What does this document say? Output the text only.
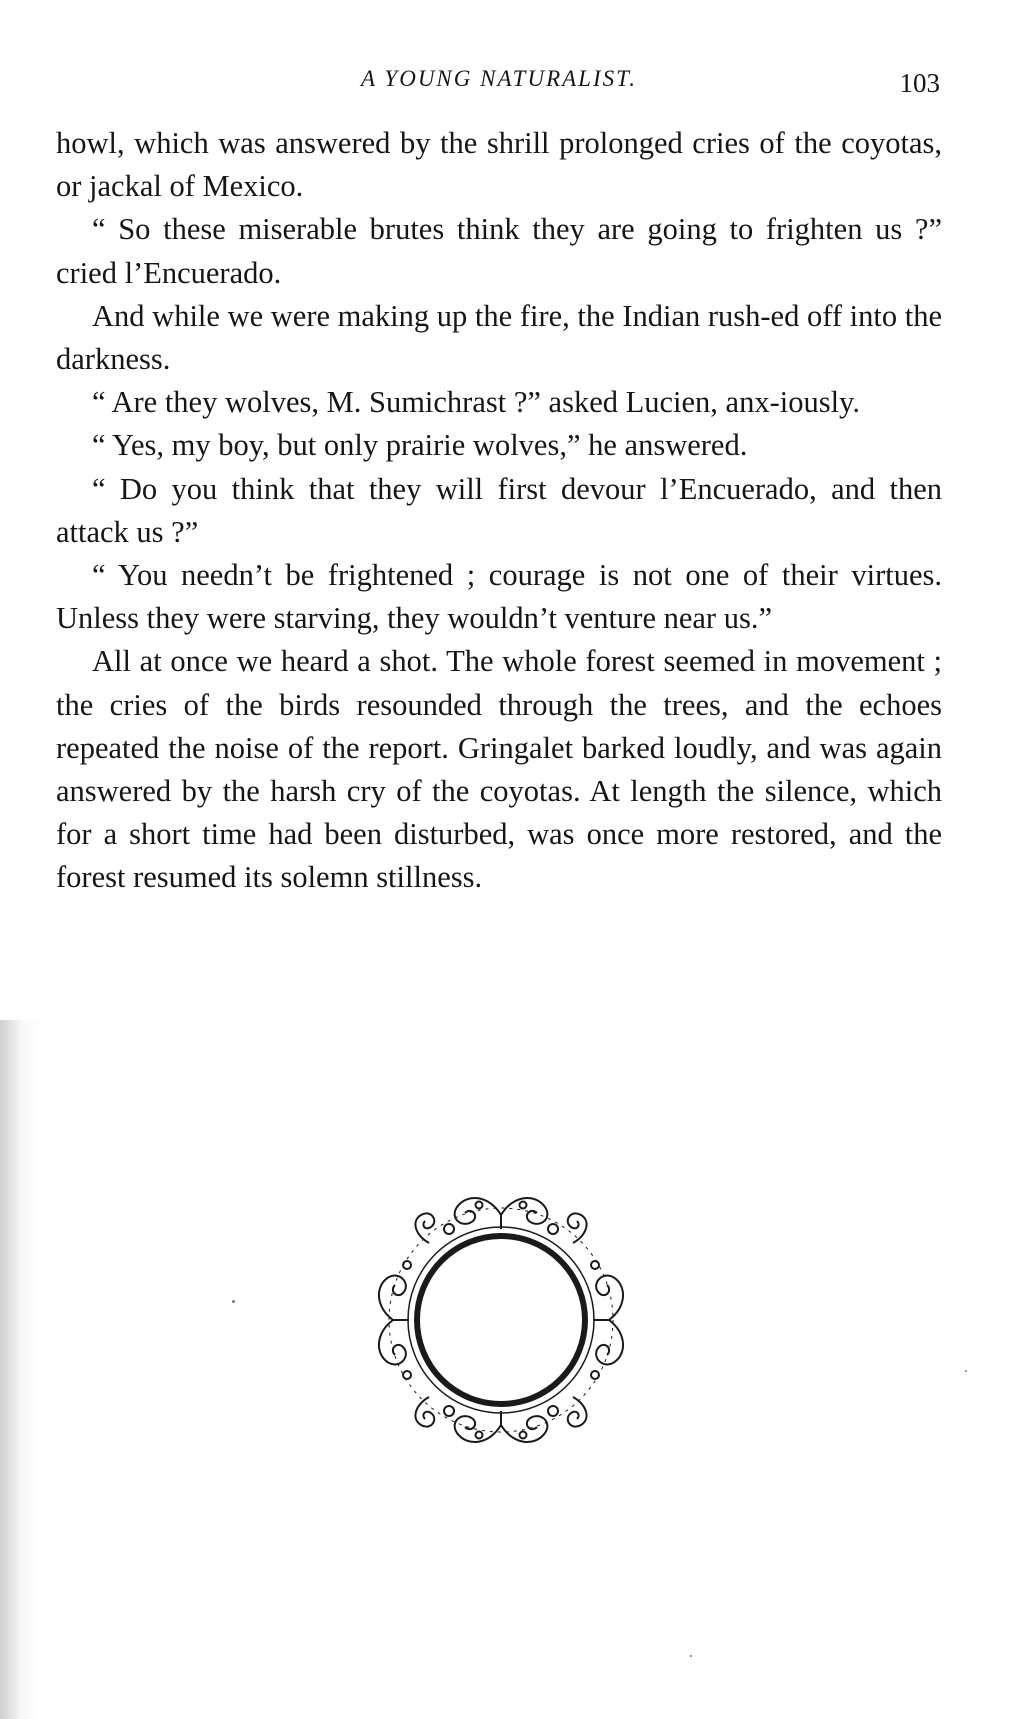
A YOUNG NATURALIST.	103

howl, which was answered by the shrill prolonged cries of the coyotas, or jackal of Mexico.

“ So these miserable brutes think they are going to frighten us ?” cried l’Encuerado.

And while we were making up the fire, the Indian rush-ed off into the darkness.

“ Are they wolves, M. Sumichrast ?” asked Lucien, anx-iously.

“ Yes, my boy, but only prairie wolves,” he answered.

“ Do you think that they will first devour l’Encuerado, and then attack us ?”

“ You needn’t be frightened ; courage is not one of their virtues. Unless they were starving, they wouldn’t venture near us.”

All at once we heard a shot. The whole forest seemed in movement ; the cries of the birds resounded through the trees, and the echoes repeated the noise of the report. Gringalet barked loudly, and was again answered by the harsh cry of the coyotas. At length the silence, which for a short time had been disturbed, was once more restored, and the forest resumed its solemn stillness.
